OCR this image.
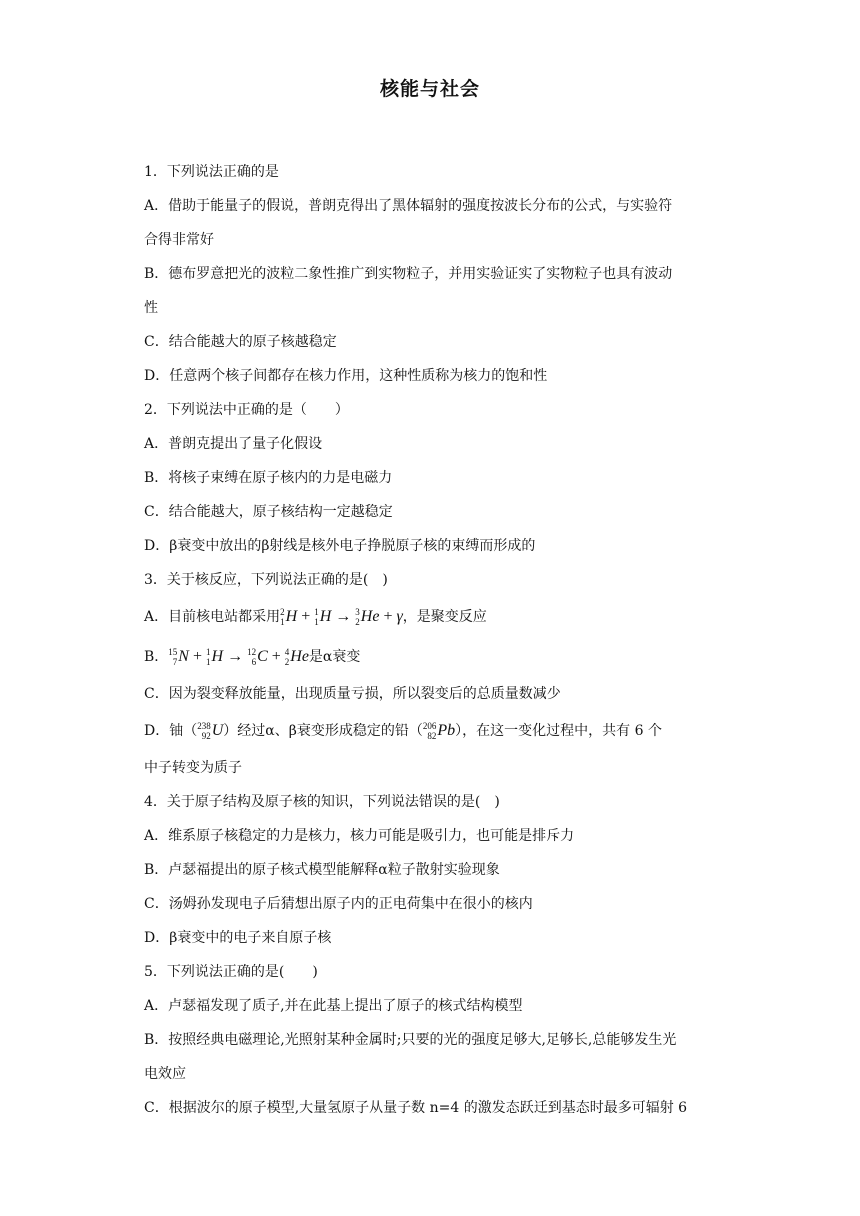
核能与社会
1．下列说法正确的是
A．借助于能量子的假说，普朗克得出了黑体辐射的强度按波长分布的公式，与实验符
合得非常好
B．德布罗意把光的波粒二象性推广到实物粒子，并用实验证实了实物粒子也具有波动
性
C．结合能越大的原子核越稳定
D．任意两个核子间都存在核力作用，这种性质称为核力的饱和性
2．下列说法中正确的是（　　）
A．普朗克提出了量子化假设
B．将核子束缚在原子核内的力是电磁力
C．结合能越大，原子核结构一定越稳定
D．β衰变中放出的β射线是核外电子挣脱原子核的束缚而形成的
3．关于核反应，下列说法正确的是(　)
A．目前核电站都采用 2
1 H + 1
1 H → 3
2 He + γ，是聚变反应
B． 15
7 N + 1
1 H → 12
6 C + 4
2 He是α衰变
C．因为裂变释放能量，出现质量亏损，所以裂变后的总质量数减少
D．铀（ 238
92 U）经过α、β衰变形成稳定的铅（ 206
82 Pb），在这一变化过程中，共有 6 个
中子转变为质子
4．关于原子结构及原子核的知识，下列说法错误的是(　)
A．维系原子核稳定的力是核力，核力可能是吸引力，也可能是排斥力
B．卢瑟福提出的原子核式模型能解释α粒子散射实验现象
C．汤姆孙发现电子后猜想出原子内的正电荷集中在很小的核内
D．β衰变中的电子来自原子核
5．下列说法正确的是(　　)
A．卢瑟福发现了质子,并在此基上提出了原子的核式结构模型
B．按照经典电磁理论,光照射某种金属时;只要的光的强度足够大,足够长,总能够发生光
电效应
C．根据波尔的原子模型,大量氢原子从量子数 n=4 的激发态跃迁到基态时最多可辐射 6
